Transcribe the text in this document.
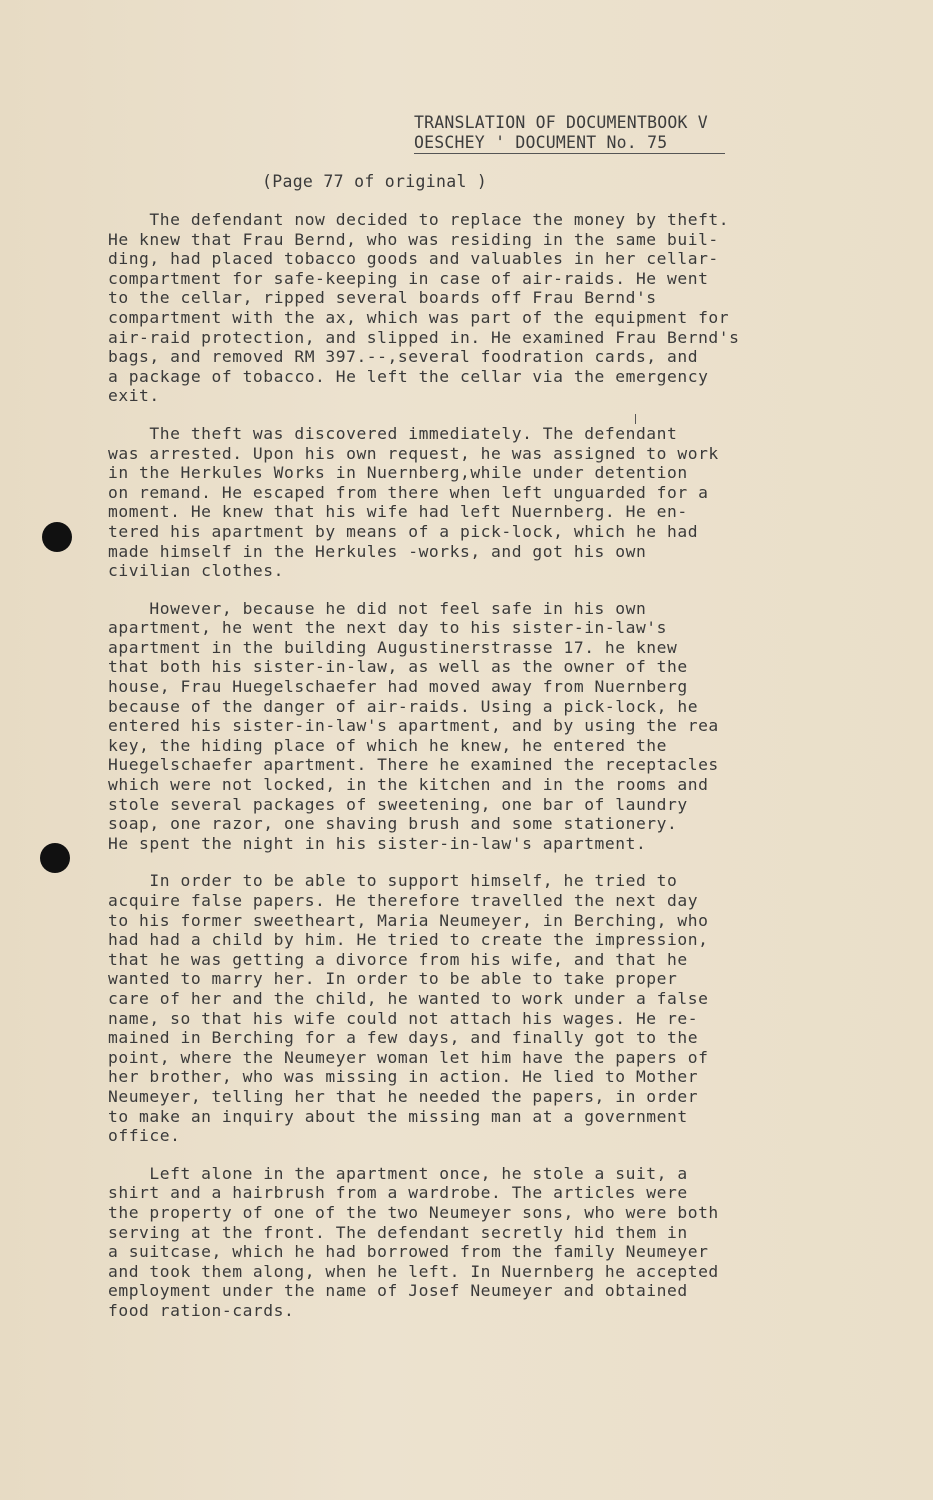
TRANSLATION OF DOCUMENTBOOK V
OESCHEY ' DOCUMENT No. 75
(Page 77 of original )

The defendant now decided to replace the money by theft.
He knew that Frau Bernd, who was residing in the same buil-
ding, had placed tobacco goods and valuables in her cellar-
compartment for safe-keeping in case of air-raids. He went
to the cellar, ripped several boards off Frau Bernd's
compartment with the ax, which was part of the equipment for
air-raid protection, and slipped in. He examined Frau Bernd's
bags, and removed RM 397.--,several foodration cards, and
a package of tobacco. He left the cellar via the emergency
exit.

The theft was discovered immediately. The defendant
was arrested. Upon his own request, he was assigned to work
in the Herkules Works in Nuernberg,while under detention
on remand. He escaped from there when left unguarded for a
moment. He knew that his wife had left Nuernberg. He en-
tered his apartment by means of a pick-lock, which he had
made himself in the Herkules -works, and got his own
civilian clothes.

However, because he did not feel safe in his own
apartment, he went the next day to his sister-in-law's
apartment in the building Augustinerstrasse 17. he knew
that both his sister-in-law, as well as the owner of the
house, Frau Huegelschaefer had moved away from Nuernberg
because of the danger of air-raids. Using a pick-lock, he
entered his sister-in-law's apartment, and by using the rea
key, the hiding place of which he knew, he entered the
Huegelschaefer apartment. There he examined the receptacles
which were not locked, in the kitchen and in the rooms and
stole several packages of sweetening, one bar of laundry
soap, one razor, one shaving brush and some stationery.
He spent the night in his sister-in-law's apartment.

In order to be able to support himself, he tried to
acquire false papers. He therefore travelled the next day
to his former sweetheart, Maria Neumeyer, in Berching, who
had had a child by him. He tried to create the impression,
that he was getting a divorce from his wife, and that he
wanted to marry her. In order to be able to take proper
care of her and the child, he wanted to work under a false
name, so that his wife could not attach his wages. He re-
mained in Berching for a few days, and finally got to the
point, where the Neumeyer woman let him have the papers of
her brother, who was missing in action. He lied to Mother
Neumeyer, telling her that he needed the papers, in order
to make an inquiry about the missing man at a government
office.

Left alone in the apartment once, he stole a suit, a
shirt and a hairbrush from a wardrobe. The articles were
the property of one of the two Neumeyer sons, who were both
serving at the front. The defendant secretly hid them in
a suitcase, which he had borrowed from the family Neumeyer
and took them along, when he left. In Nuernberg he accepted
employment under the name of Josef Neumeyer and obtained
food ration-cards.
